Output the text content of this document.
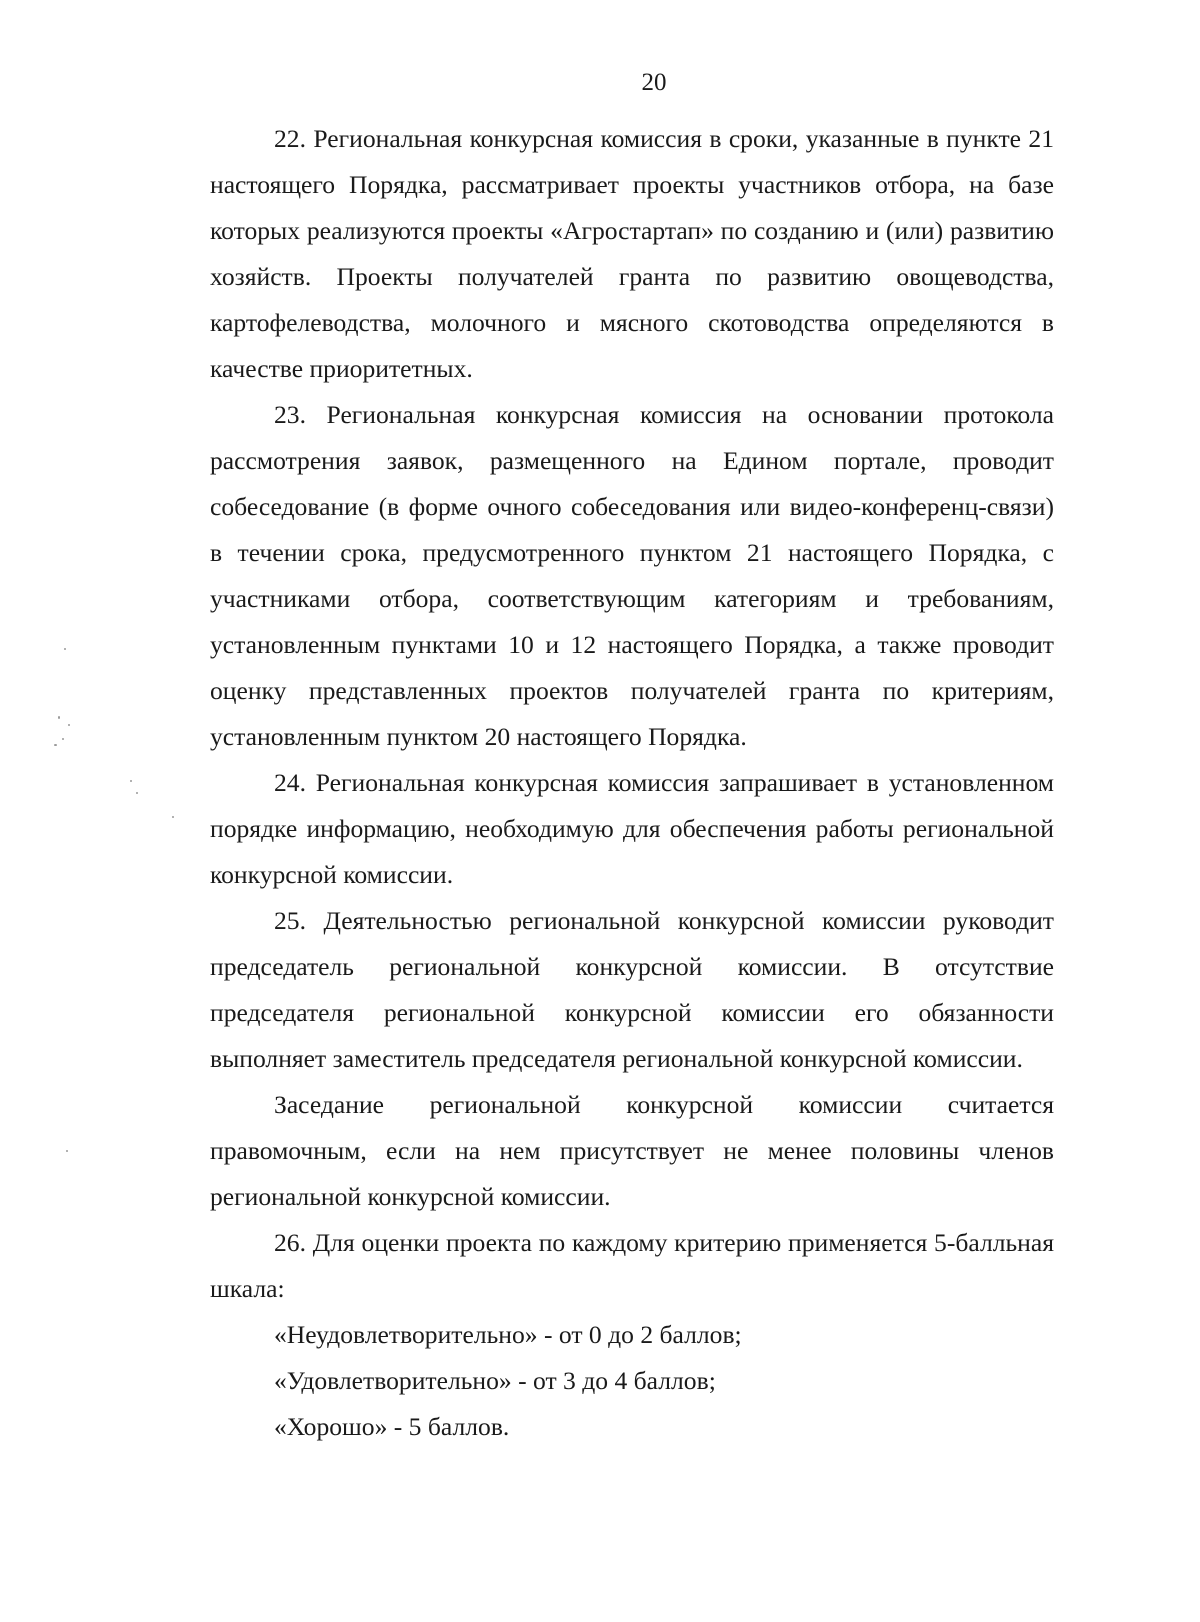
20

22. Региональная конкурсная комиссия в сроки, указанные в пункте 21 настоящего Порядка, рассматривает проекты участников отбора, на базе которых реализуются проекты «Агростартап» по созданию и (или) развитию хозяйств. Проекты получателей гранта по развитию овощеводства, картофелеводства, молочного и мясного скотоводства определяются в качестве приоритетных.

23. Региональная конкурсная комиссия на основании протокола рассмотрения заявок, размещенного на Едином портале, проводит собеседование (в форме очного собеседования или видео-конференц-связи) в течении срока, предусмотренного пунктом 21 настоящего Порядка, с участниками отбора, соответствующим категориям и требованиям, установленным пунктами 10 и 12 настоящего Порядка, а также проводит оценку представленных проектов получателей гранта по критериям, установленным пунктом 20 настоящего Порядка.

24. Региональная конкурсная комиссия запрашивает в установленном порядке информацию, необходимую для обеспечения работы региональной конкурсной комиссии.

25. Деятельностью региональной конкурсной комиссии руководит председатель региональной конкурсной комиссии. В отсутствие председателя региональной конкурсной комиссии его обязанности выполняет заместитель председателя региональной конкурсной комиссии.

Заседание региональной конкурсной комиссии считается правомочным, если на нем присутствует не менее половины членов региональной конкурсной комиссии.

26. Для оценки проекта по каждому критерию применяется 5-балльная шкала:

«Неудовлетворительно» - от 0 до 2 баллов;

«Удовлетворительно» - от 3 до 4 баллов;

«Хорошо» - 5 баллов.
